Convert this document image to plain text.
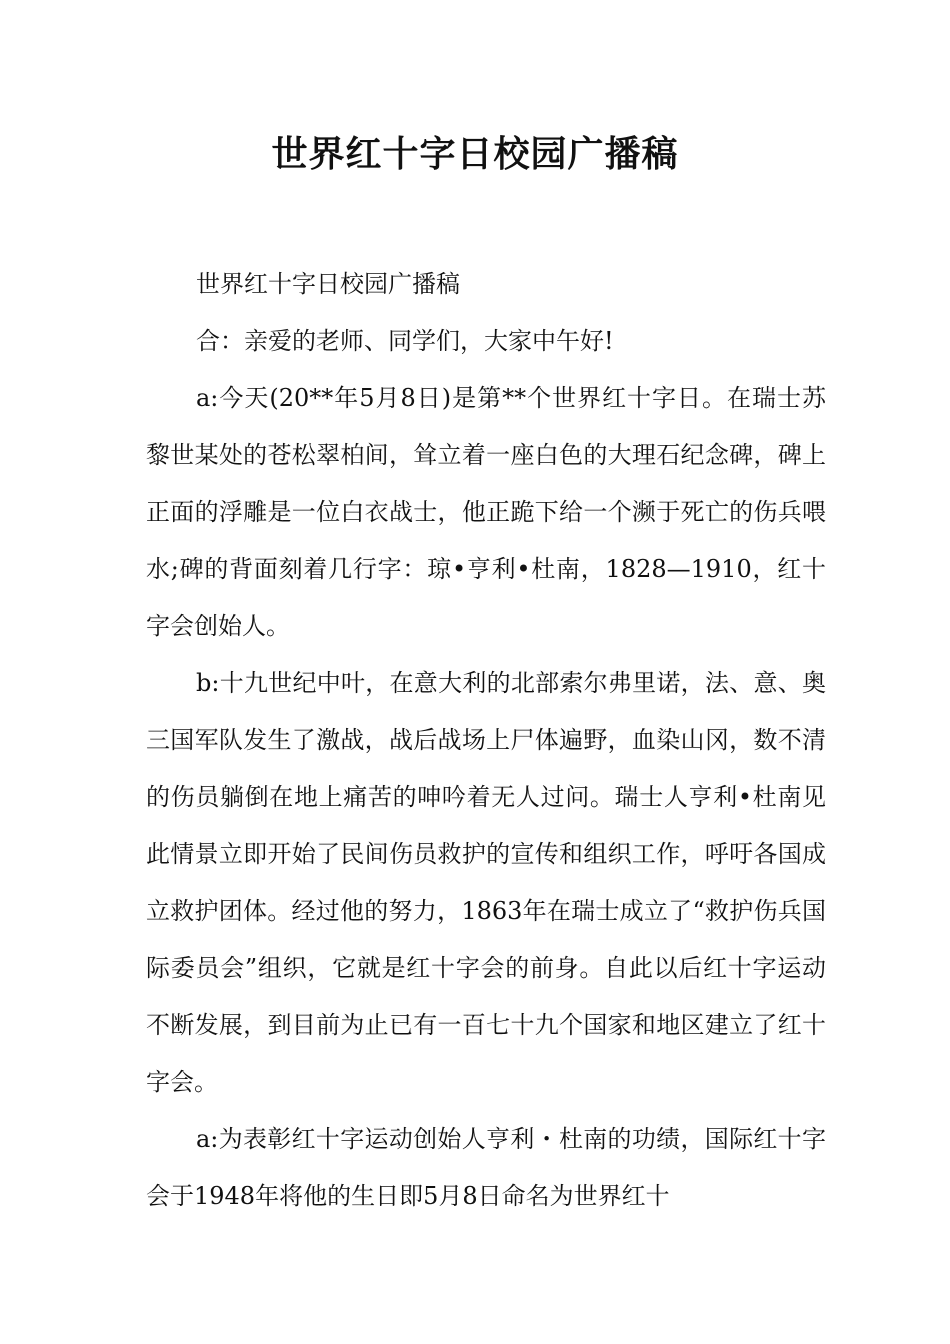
世界红十字日校园广播稿

世界红十字日校园广播稿

合：亲爱的老师、同学们，大家中午好!

a:今天(20**年5月8日)是第**个世界红十字日。在瑞士苏黎世某处的苍松翠柏间，耸立着一座白色的大理石纪念碑，碑上正面的浮雕是一位白衣战士，他正跪下给一个濒于死亡的伤兵喂水;碑的背面刻着几行字：琼•亨利•杜南，1828—1910，红十字会创始人。

b:十九世纪中叶，在意大利的北部索尔弗里诺，法、意、奥三国军队发生了激战，战后战场上尸体遍野，血染山冈，数不清的伤员躺倒在地上痛苦的呻吟着无人过问。瑞士人亨利•杜南见此情景立即开始了民间伤员救护的宣传和组织工作，呼吁各国成立救护团体。经过他的努力，1863年在瑞士成立了“救护伤兵国际委员会”组织，它就是红十字会的前身。自此以后红十字运动不断发展，到目前为止已有一百七十九个国家和地区建立了红十字会。

a:为表彰红十字运动创始人亨利・杜南的功绩，国际红十字会于1948年将他的生日即5月8日命名为世界红十
